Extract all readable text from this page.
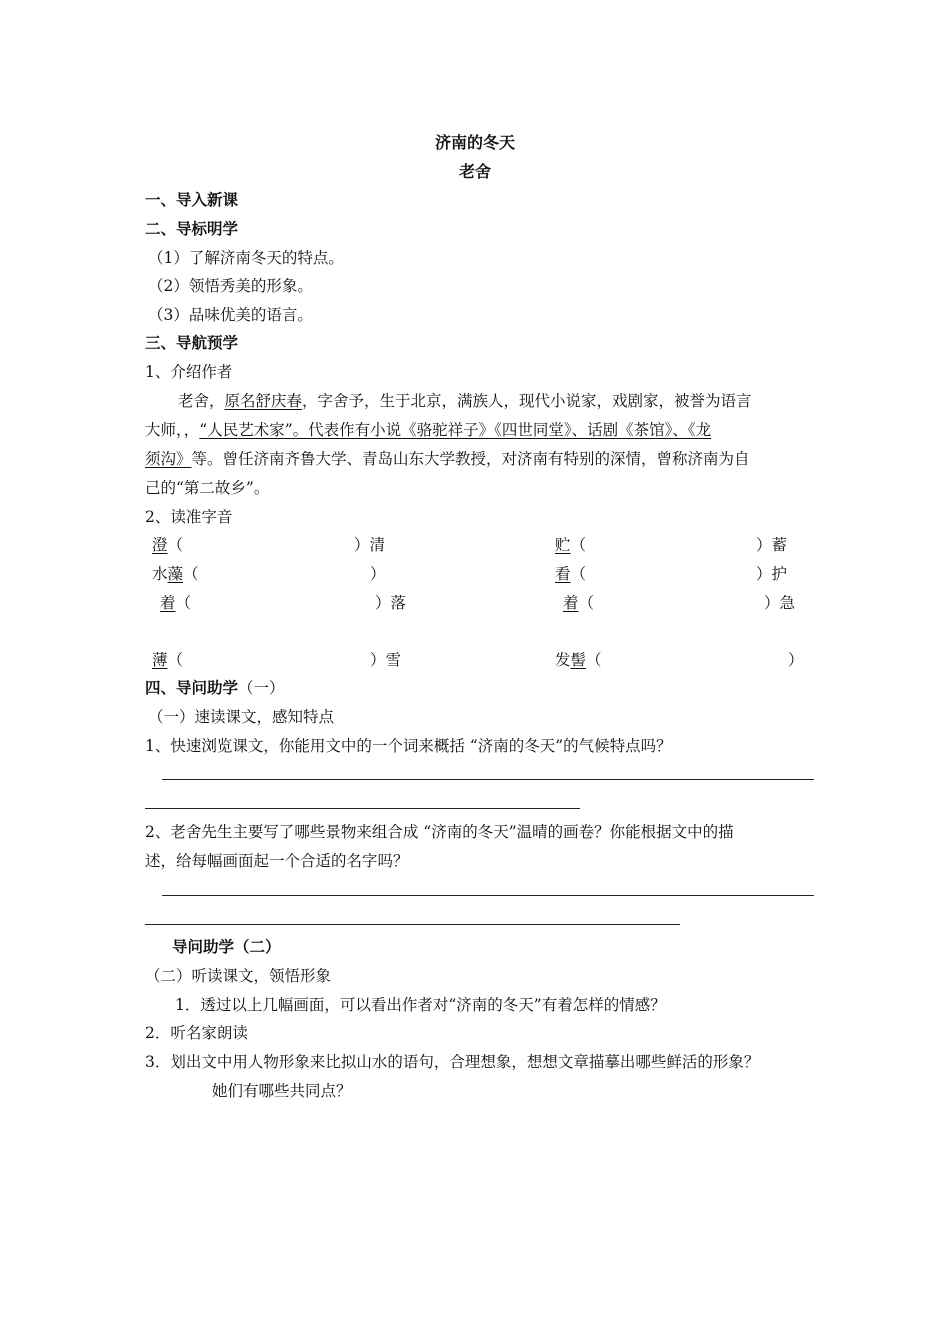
济南的冬天
老舍
一、导入新课
二、导标明学
（1）了解济南冬天的特点。
（2）领悟秀美的形象。
（3）品味优美的语言。
三、导航预学
1、介绍作者
老舍，原名舒庆春，字舍予，生于北京，满族人，现代小说家，戏剧家，被誉为语言
大师，，“人民艺术家”。代表作有小说《骆驼祥子》《四世同堂》、话剧《茶馆》、《龙
须沟》等。曾任济南齐鲁大学、青岛山东大学教授，对济南有特别的深情，曾称济南为自
己的“第二故乡”。
2、读准字音
澄（	）清	贮（	）蓄
水藻（	）	看（	）护
着（	）落	着（	）急
薄（	）雪	发髻（	）
四、导问助学（一）
（一）速读课文，感知特点
1、快速浏览课文，你能用文中的一个词来概括 “济南的冬天”的气候特点吗？
2、老舍先生主要写了哪些景物来组合成 “济南的冬天”温晴的画卷？你能根据文中的描
述，给每幅画面起一个合适的名字吗？
导问助学（二）
（二）听读课文，领悟形象
1．透过以上几幅画面，可以看出作者对“济南的冬天”有着怎样的情感？
2．听名家朗读
3．划出文中用人物形象来比拟山水的语句，合理想象，想想文章描摹出哪些鲜活的形象？
她们有哪些共同点？
